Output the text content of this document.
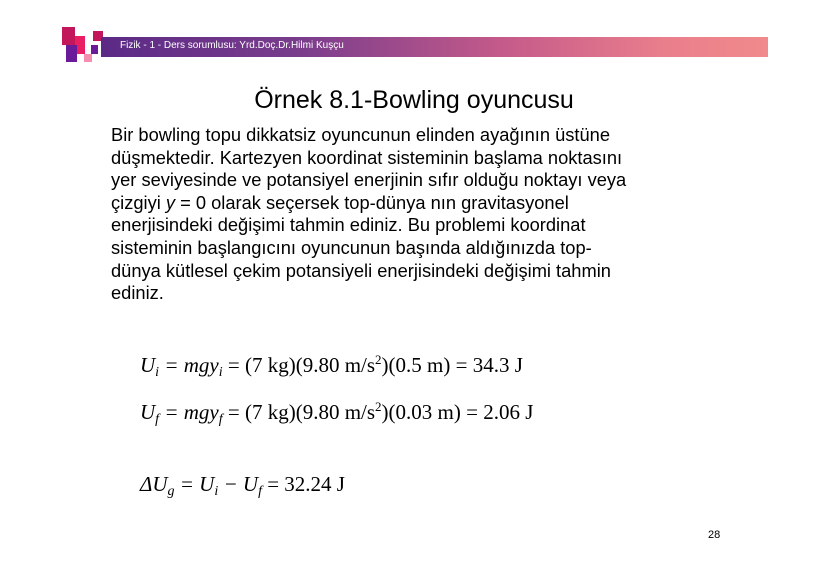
Fizik - 1 - Ders sorumlusu: Yrd.Doç.Dr.Hilmi Kuşçu
Örnek 8.1-Bowling oyuncusu
Bir bowling topu dikkatsiz oyuncunun elinden ayağının üstüne
düşmektedir. Kartezyen koordinat sisteminin başlama noktasını
yer seviyesinde ve potansiyel enerjinin sıfır olduğu noktayı veya
çizgiyi y = 0 olarak seçersek top-dünya nın gravitasyonel
enerjisindeki değişimi tahmin ediniz. Bu problemi koordinat
sisteminin başlangıcını oyuncunun başında aldığınızda top-
dünya kütlesel çekim potansiyeli enerjisindeki değişimi tahmin
ediniz.
$U_i = mgy_i = (7$ kg)(9.80 $m/s^2)(0.5$ m) = 34.3 J
$U_f = mgy_f = (7$ kg)(9.80 $m/s^2)(0.03$ m) = 2.06 J
$\Delta U_g = U_i - U_f = 32.24$ J
28
